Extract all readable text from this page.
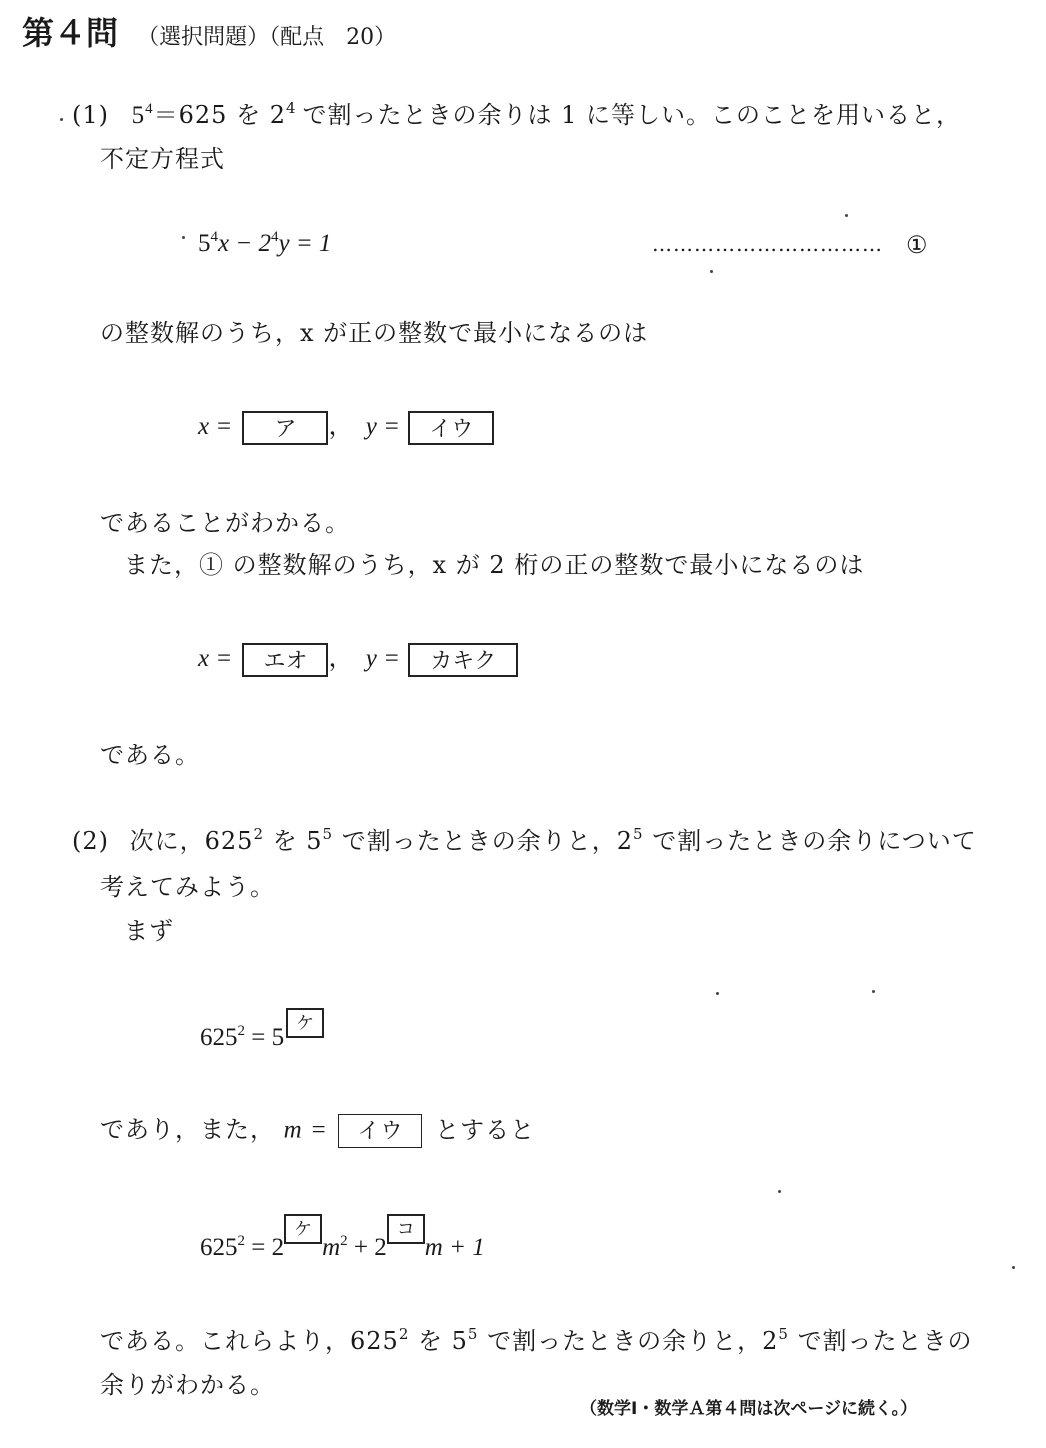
第４問 （選択問題）（配点　20）
(1) $5^4=625$ を $2^4$ で割ったときの余りは 1 に等しい。このことを用いると，
不定方程式
$5^4x - 2^4y = 1$	…………………………… ①
の整数解のうち，x が正の整数で最小になるのは
x = ア ， y = イウ
であることがわかる。
また，① の整数解のうち，x が 2 桁の正の整数で最小になるのは
x = エオ ， y = カキク
である。
(2) 次に，$625^2$ を $5^5$ で割ったときの余りと，$2^5$ で割ったときの余りについて
考えてみよう。
まず
$625^2 = 5$ケ
であり，また， m = イウ とすると
$625^2 = 2$ケ$m^2 + 2$コm + 1
である。これらより，$625^2$ を $5^5$ で割ったときの余りと，$2^5$ で割ったときの
余りがわかる。
（数学Ⅰ・数学Ａ第４問は次ページに続く。）
